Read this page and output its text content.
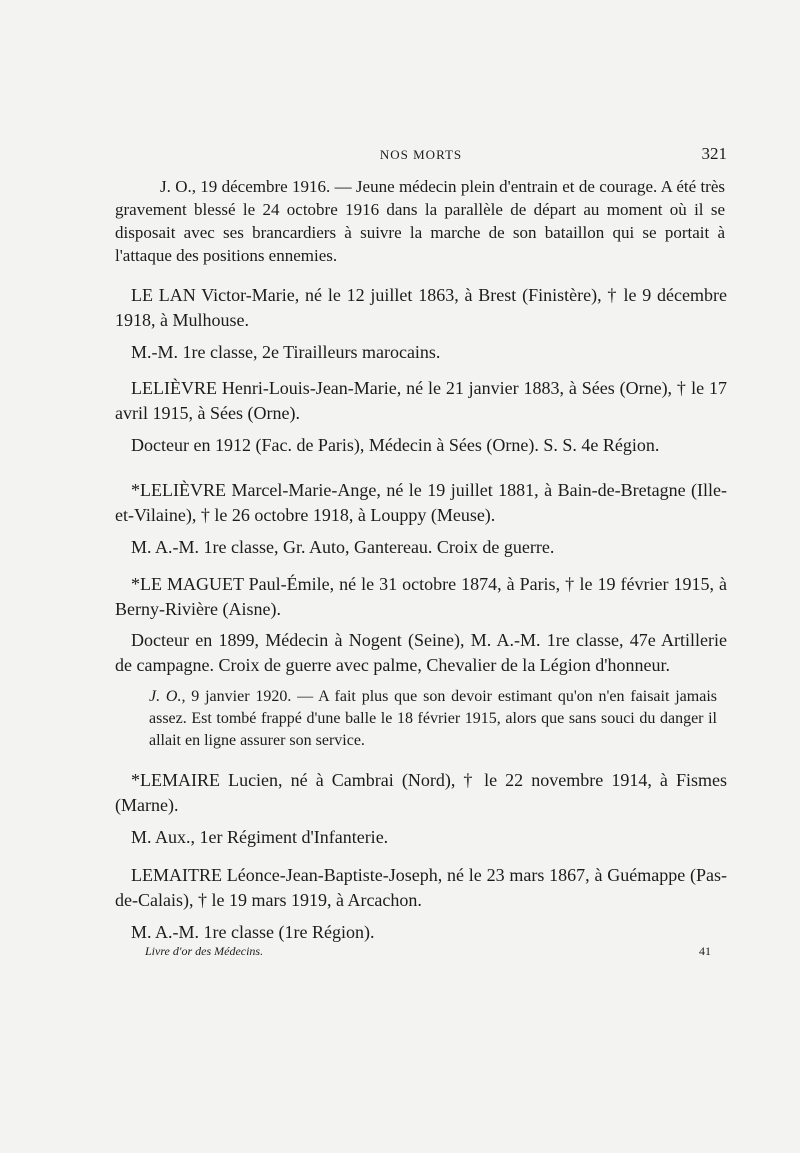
NOS MORTS	321

J. O., 19 décembre 1916. — Jeune médecin plein d'entrain et de courage. A été très gravement blessé le 24 octobre 1916 dans la parallèle de départ au moment où il se disposait avec ses brancardiers à suivre la marche de son bataillon qui se portait à l'attaque des positions ennemies.

LE LAN Victor-Marie, né le 12 juillet 1863, à Brest (Finistère), † le 9 décembre 1918, à Mulhouse.

M.-M. 1re classe, 2e Tirailleurs marocains.

LELIÈVRE Henri-Louis-Jean-Marie, né le 21 janvier 1883, à Sées (Orne), † le 17 avril 1915, à Sées (Orne).

Docteur en 1912 (Fac. de Paris), Médecin à Sées (Orne). S. S. 4e Région.

*LELIÈVRE Marcel-Marie-Ange, né le 19 juillet 1881, à Bain-de-Bretagne (Ille-et-Vilaine), † le 26 octobre 1918, à Louppy (Meuse).

M. A.-M. 1re classe, Gr. Auto, Gantereau. Croix de guerre.

*LE MAGUET Paul-Émile, né le 31 octobre 1874, à Paris, † le 19 février 1915, à Berny-Rivière (Aisne).

Docteur en 1899, Médecin à Nogent (Seine), M. A.-M. 1re classe, 47e Artillerie de campagne. Croix de guerre avec palme, Chevalier de la Légion d'honneur.

J. O., 9 janvier 1920. — A fait plus que son devoir estimant qu'on n'en faisait jamais assez. Est tombé frappé d'une balle le 18 février 1915, alors que sans souci du danger il allait en ligne assurer son service.

*LEMAIRE Lucien, né à Cambrai (Nord), † le 22 novembre 1914, à Fismes (Marne).

M. Aux., 1er Régiment d'Infanterie.

LEMAITRE Léonce-Jean-Baptiste-Joseph, né le 23 mars 1867, à Guémappe (Pas-de-Calais), † le 19 mars 1919, à Arcachon.

M. A.-M. 1re classe (1re Région).

Livre d'or des Médecins.	41
